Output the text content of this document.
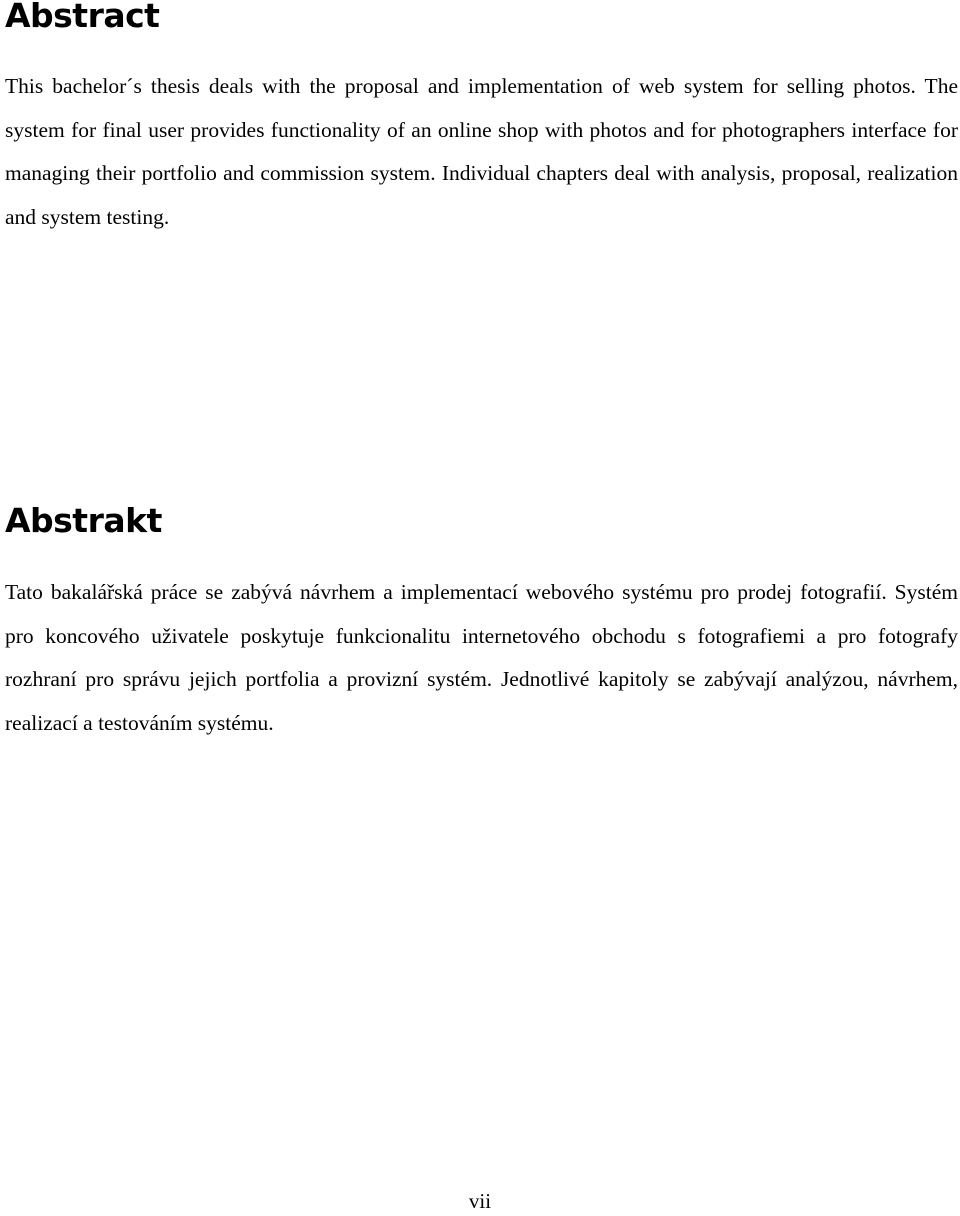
Abstract

This bachelor´s thesis deals with the proposal and implementation of web system for selling photos. The system for final user provides functionality of an online shop with photos and for photographers interface for managing their portfolio and commission system. Individual chapters deal with analysis, proposal, realization and system testing.

Abstrakt

Tato bakalářská práce se zabývá návrhem a implementací webového systému pro prodej fotografií. Systém pro koncového uživatele poskytuje funkcionalitu internetového obchodu s fotografiemi a pro fotografy rozhraní pro správu jejich portfolia a provizní systém. Jednotlivé kapitoly se zabývají analýzou, návrhem, realizací a testováním systému.

vii
